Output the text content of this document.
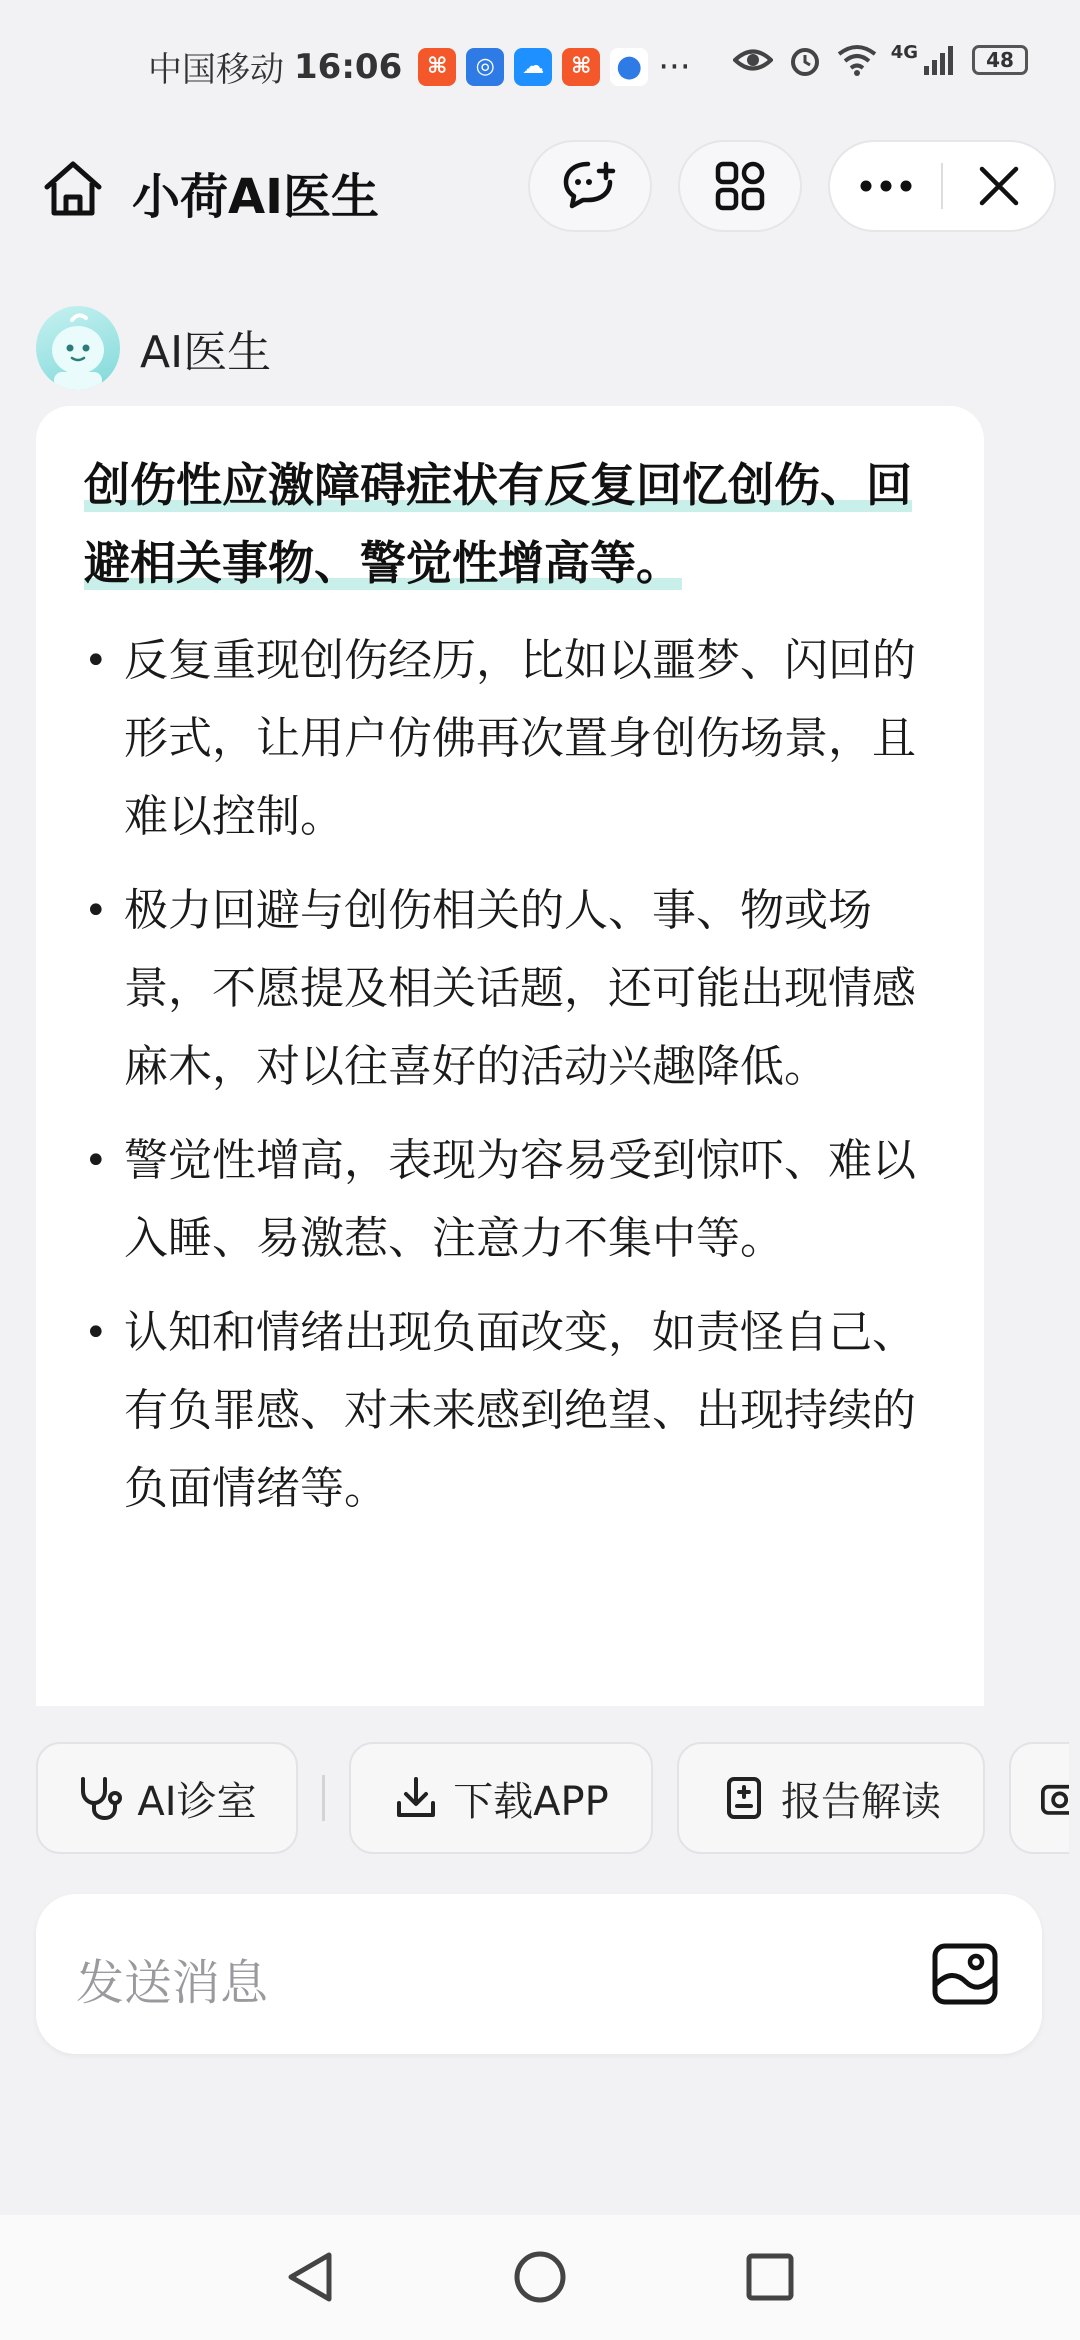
中国移动 16:06	⌘	◎	☁	⌘ ● ···	4G	48
小荷AI医生
AI医生

创伤性应激障碍症状有反复回忆创伤、回避相关事物、警觉性增高等。

• 反复重现创伤经历，比如以噩梦、闪回的形式，让用户仿佛再次置身创伤场景，且难以控制。
• 极力回避与创伤相关的人、事、物或场景，不愿提及相关话题，还可能出现情感麻木，对以往喜好的活动兴趣降低。
• 警觉性增高，表现为容易受到惊吓、难以入睡、易激惹、注意力不集中等。
• 认知和情绪出现负面改变，如责怪自己、有负罪感、对未来感到绝望、出现持续的负面情绪等。
AI诊室	下载APP	报告解读
发送消息
